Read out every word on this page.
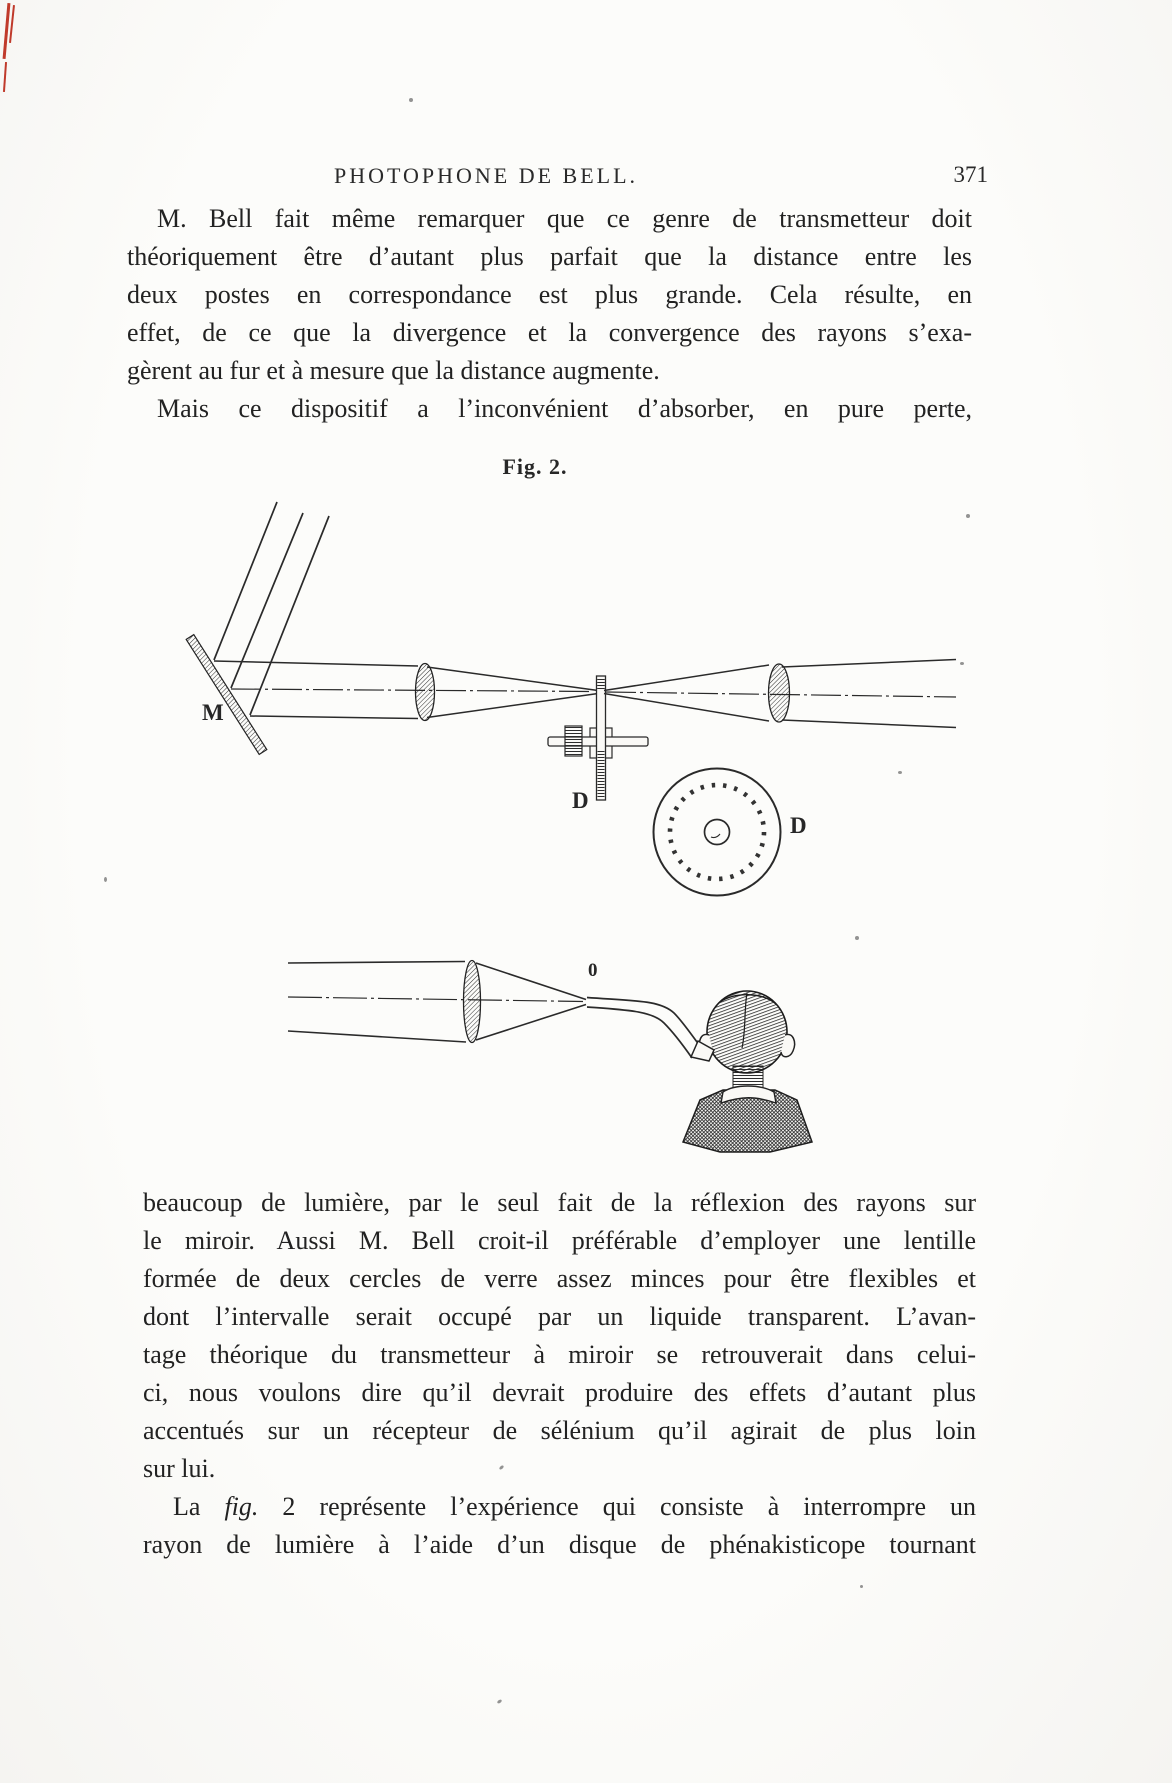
PHOTOPHONE DE BELL.	371
M. Bell fait même remarquer que ce genre de transmetteur doit
théoriquement être d’autant plus parfait que la distance entre les
deux postes en correspondance est plus grande. Cela résulte, en
effet, de ce que la divergence et la convergence des rayons s’exa-
gèrent au fur et à mesure que la distance augmente.
Mais ce dispositif a l’inconvénient d’absorber, en pure perte,
Fig. 2.
M
D
D
0
beaucoup de lumière, par le seul fait de la réflexion des rayons sur
le miroir. Aussi M. Bell croit-il préférable d’employer une lentille
formée de deux cercles de verre assez minces pour être flexibles et
dont l’intervalle serait occupé par un liquide transparent. L’avan-
tage théorique du transmetteur à miroir se retrouverait dans celui-
ci, nous voulons dire qu’il devrait produire des effets d’autant plus
accentués sur un récepteur de sélénium qu’il agirait de plus loin
sur lui.
La fig. 2 représente l’expérience qui consiste à interrompre un
rayon de lumière à l’aide d’un disque de phénakisticope tournant
